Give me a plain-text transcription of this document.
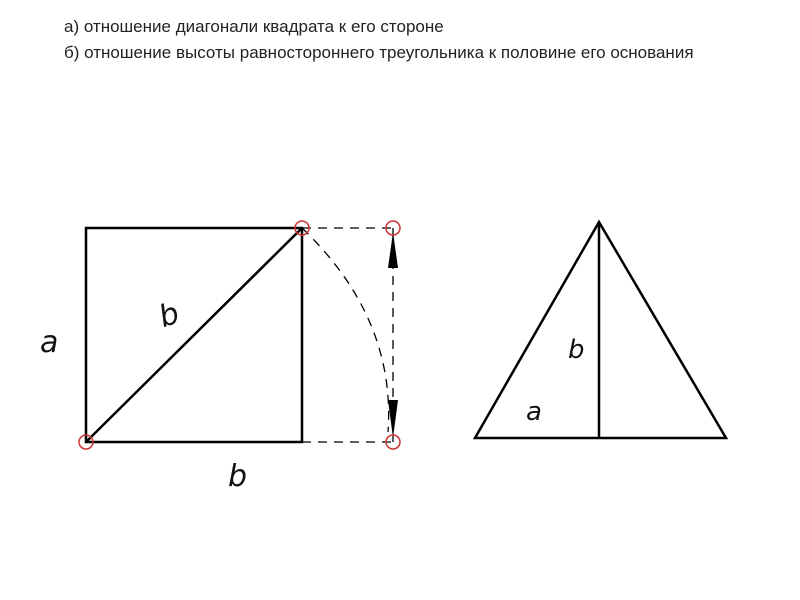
а) отношение диагонали квадрата к его стороне

б) отношение высоты равностороннего треугольника к половине его основания

a
b
b
b
a
